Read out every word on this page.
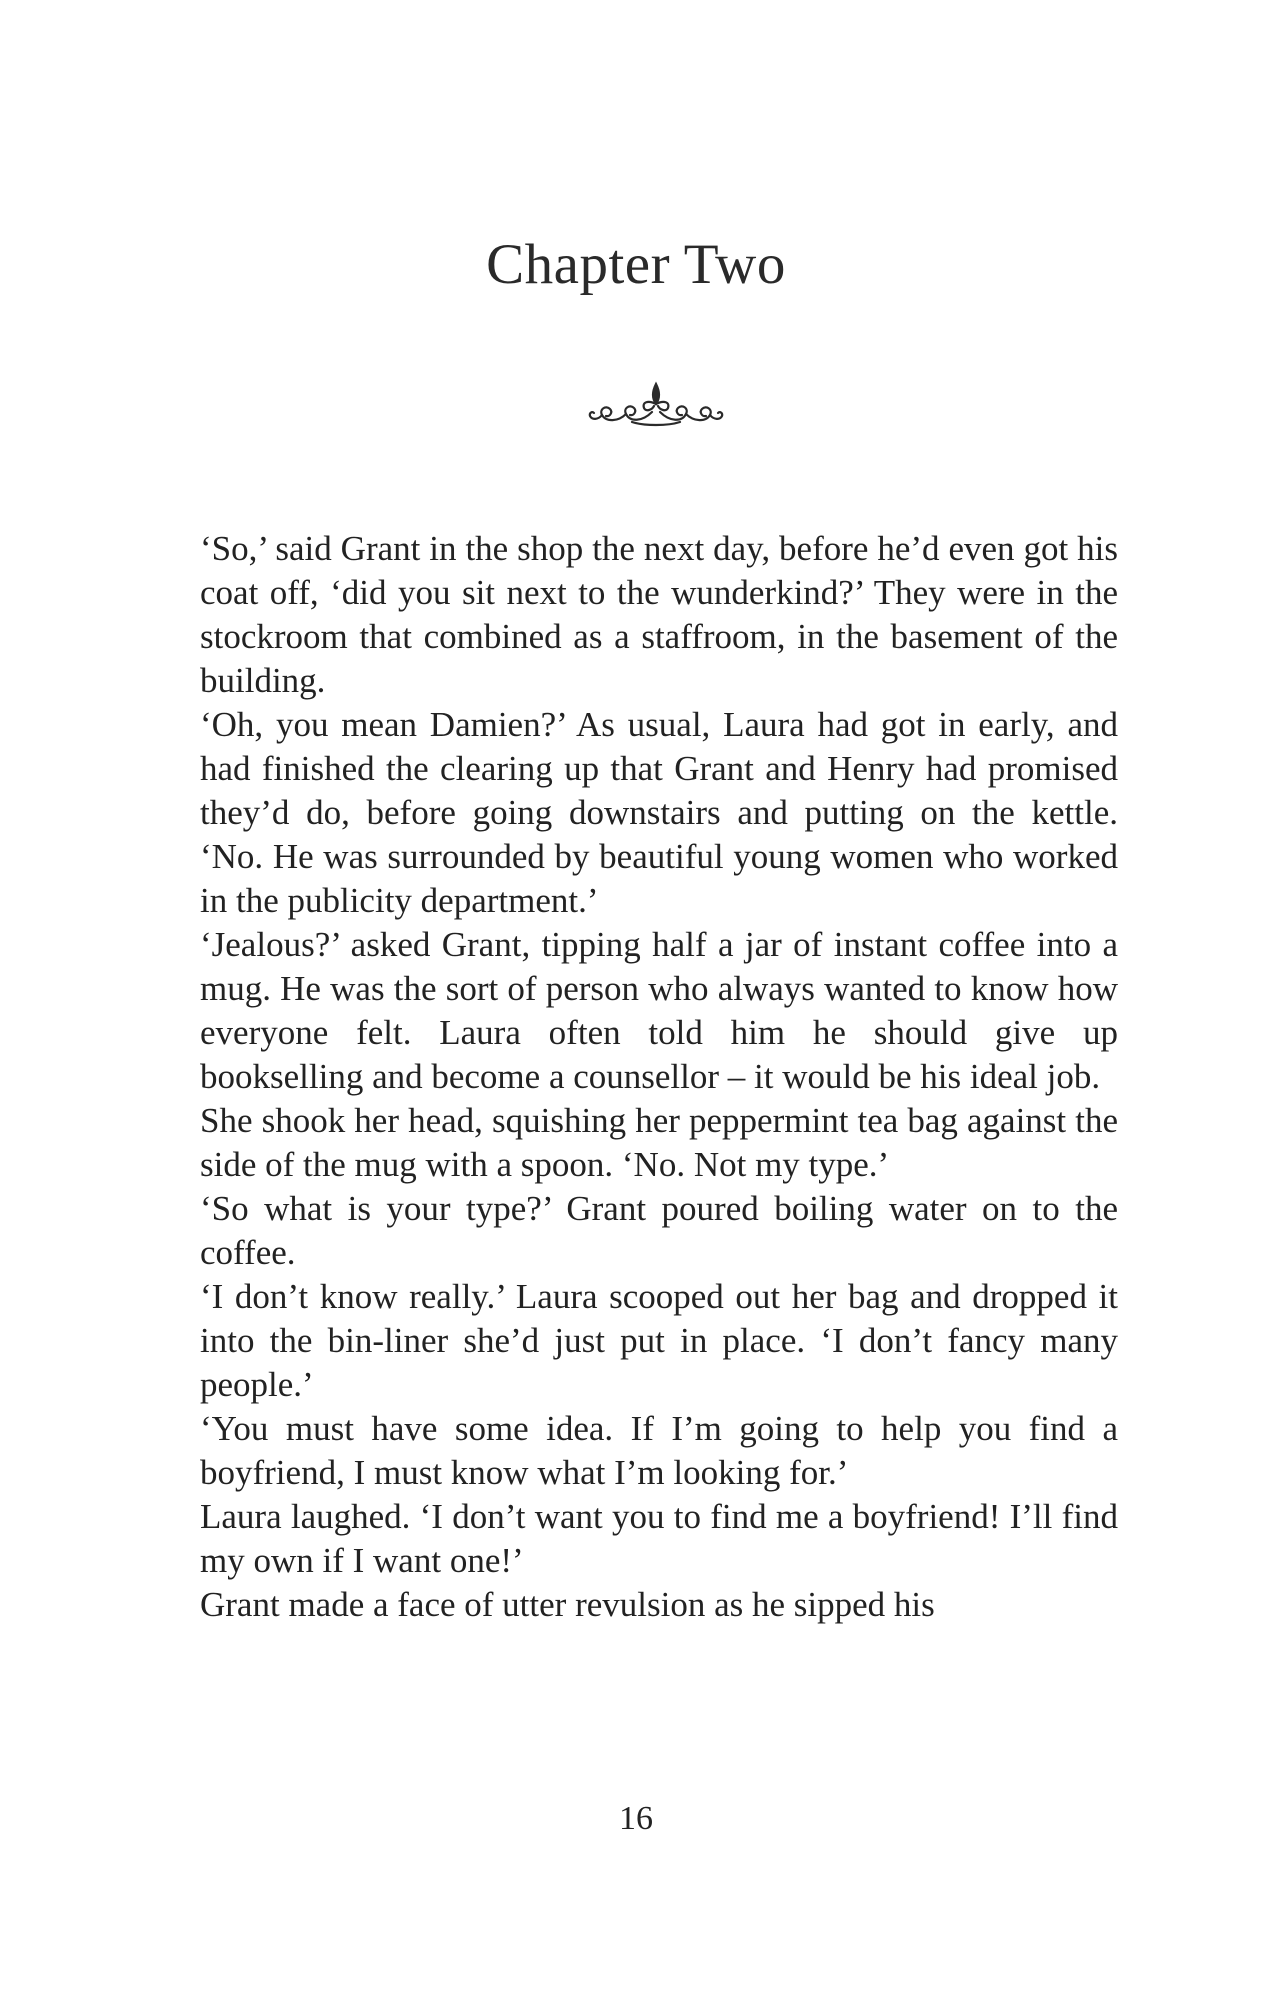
Chapter Two

‘So,’ said Grant in the shop the next day, before he’d even got his coat off, ‘did you sit next to the wunderkind?’ They were in the stockroom that combined as a staffroom, in the basement of the building.

‘Oh, you mean Damien?’ As usual, Laura had got in early, and had finished the clearing up that Grant and Henry had promised they’d do, before going downstairs and putting on the kettle. ‘No. He was surrounded by beautiful young women who worked in the publicity department.’

‘Jealous?’ asked Grant, tipping half a jar of instant coffee into a mug. He was the sort of person who always wanted to know how everyone felt. Laura often told him he should give up bookselling and become a counsellor – it would be his ideal job.

She shook her head, squishing her peppermint tea bag against the side of the mug with a spoon. ‘No. Not my type.’

‘So what is your type?’ Grant poured boiling water on to the coffee.

‘I don’t know really.’ Laura scooped out her bag and dropped it into the bin-liner she’d just put in place. ‘I don’t fancy many people.’

‘You must have some idea. If I’m going to help you find a boyfriend, I must know what I’m looking for.’

Laura laughed. ‘I don’t want you to find me a boyfriend! I’ll find my own if I want one!’

Grant made a face of utter revulsion as he sipped his

16
